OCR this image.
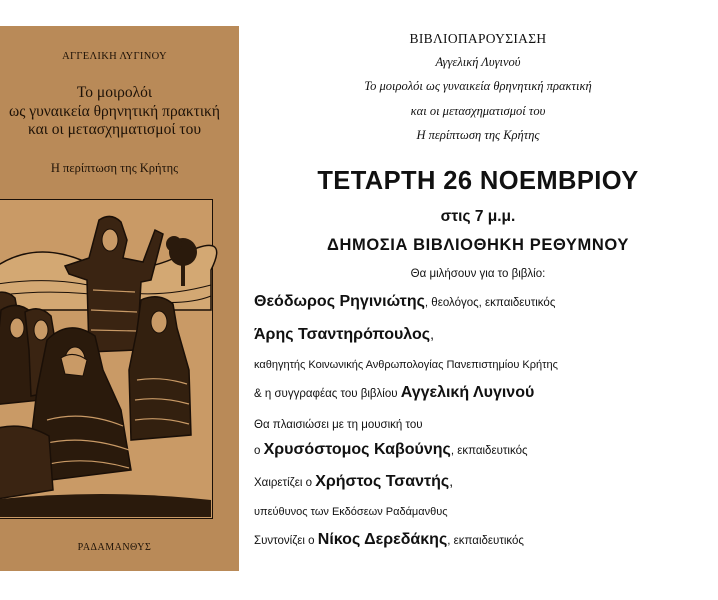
ΑΓΓΕΛΙΚΗ ΛΥΓΙΝΟΥ
Το μοιρολόι
ως γυναικεία θρηνητική πρακτική
και οι μετασχηματισμοί του
Η περίπτωση της Κρήτης
ΡΑΔΑΜΑΝΘΥΣ
ΒΙΒΛΙΟΠΑΡΟΥΣΙΑΣΗ
Αγγελική Λυγινού
Το μοιρολόι ως γυναικεία θρηνητική πρακτική
και οι μετασχηματισμοί του
Η περίπτωση της Κρήτης
ΤΕΤΑΡΤΗ 26 ΝΟΕΜΒΡΙΟΥ
στις 7 μ.μ.
ΔΗΜΟΣΙΑ ΒΙΒΛΙΟΘΗΚΗ ΡΕΘΥΜΝΟΥ
Θα μιλήσουν για το βιβλίο:
Θεόδωρος Ρηγινιώτης, θεολόγος, εκπαιδευτικός
Άρης Τσαντηρόπουλος,
καθηγητής Κοινωνικής Ανθρωπολογίας Πανεπιστημίου Κρήτης
& η συγγραφέας του βιβλίου Αγγελική Λυγινού
Θα πλαισιώσει με τη μουσική του
ο Χρυσόστομος Καβούνης, εκπαιδευτικός
Χαιρετίζει ο Χρήστος Τσαντής,
υπεύθυνος των Εκδόσεων Ραδάμανθυς
Συντονίζει ο Νίκος Δερεδάκης, εκπαιδευτικός
